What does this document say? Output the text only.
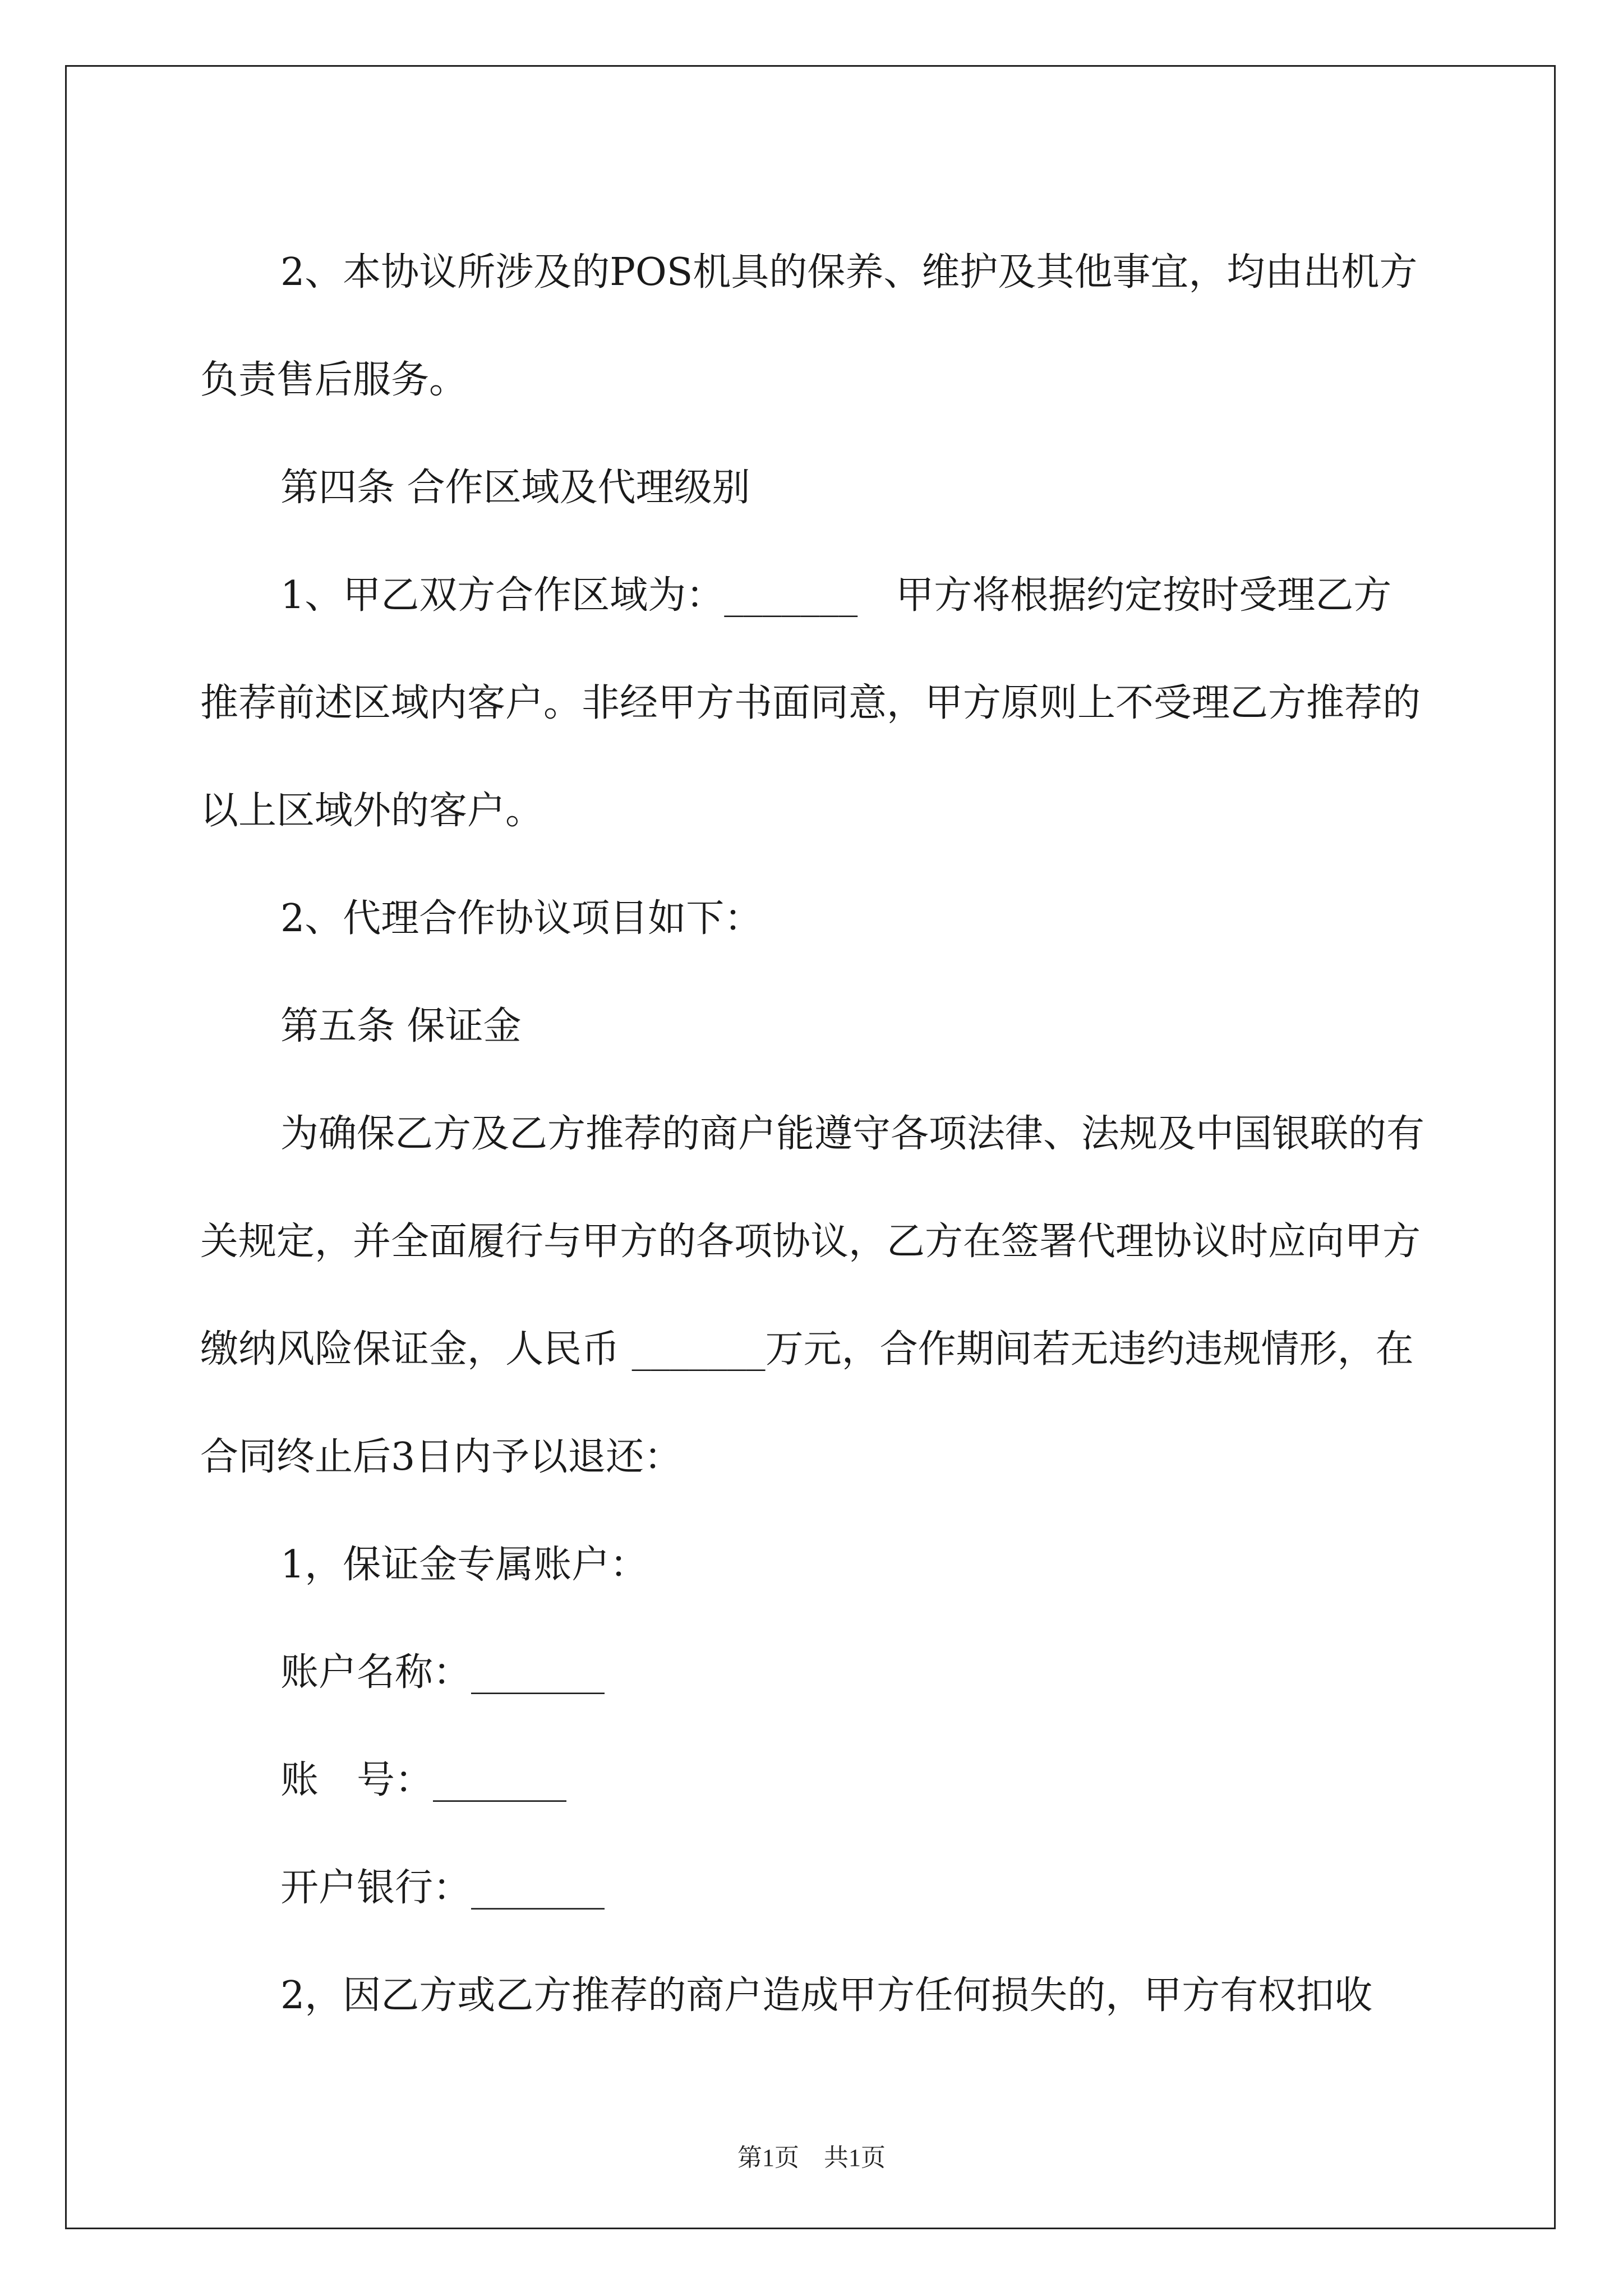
2、本协议所涉及的POS机具的保养、维护及其他事宜，均由出机方负责售后服务。

第四条 合作区域及代理级别

1、甲乙双方合作区域为：_______　甲方将根据约定按时受理乙方推荐前述区域内客户。非经甲方书面同意，甲方原则上不受理乙方推荐的以上区域外的客户。

2、代理合作协议项目如下：

第五条 保证金

为确保乙方及乙方推荐的商户能遵守各项法律、法规及中国银联的有关规定，并全面履行与甲方的各项协议，乙方在签署代理协议时应向甲方缴纳风险保证金，人民币 _______万元，合作期间若无违约违规情形，在合同终止后3日内予以退还：

1，保证金专属账户：

账户名称：_______

账　号：_______

开户银行：_______

2，因乙方或乙方推荐的商户造成甲方任何损失的，甲方有权扣收

第1页　共1页
